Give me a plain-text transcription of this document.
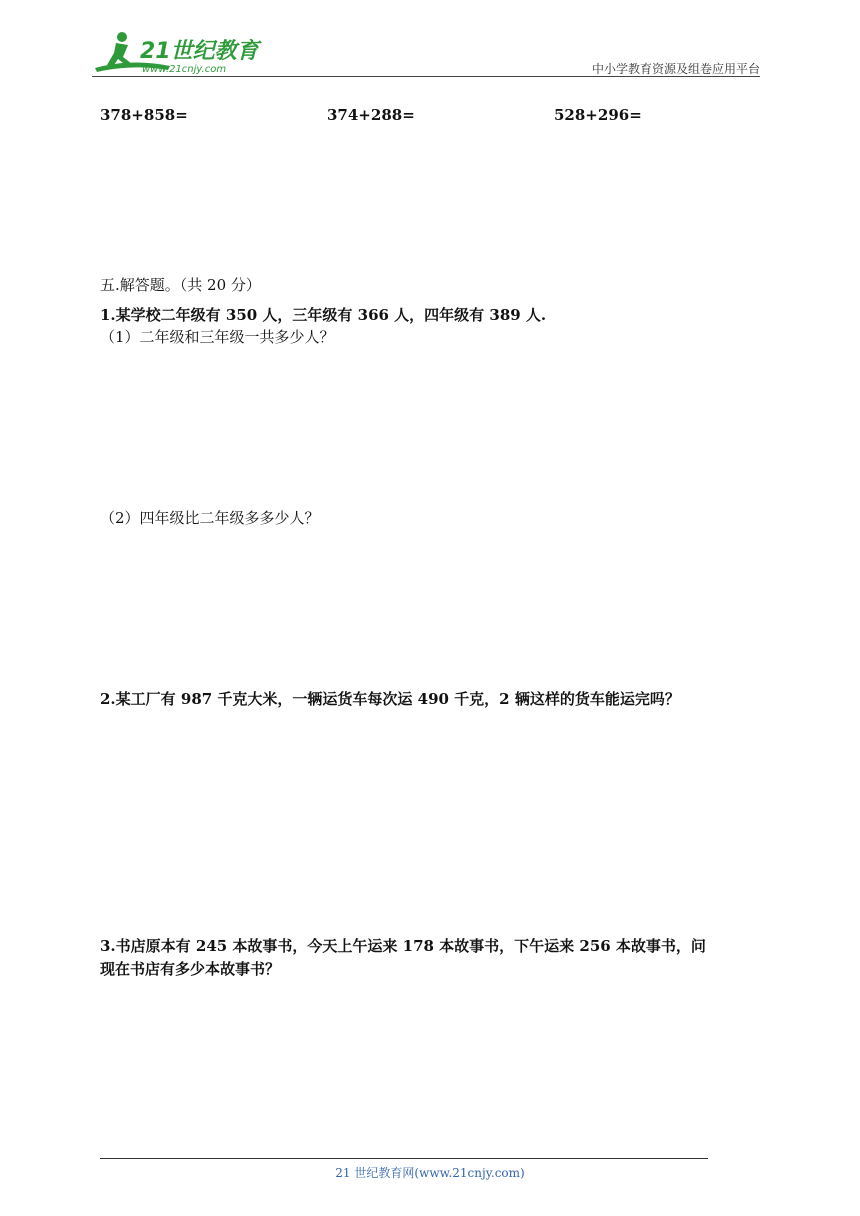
21世纪教育
www.21cnjy.com	中小学教育资源及组卷应用平台
378+858=	374+288=	528+296=
五.解答题。（共 20 分）
1.某学校二年级有 350 人，三年级有 366 人，四年级有 389 人.
（1）二年级和三年级一共多少人？
（2）四年级比二年级多多少人？
2.某工厂有 987 千克大米，一辆运货车每次运 490 千克，2 辆这样的货车能运完吗？
3.书店原本有 245 本故事书，今天上午运来 178 本故事书，下午运来 256 本故事书，问
现在书店有多少本故事书？
21 世纪教育网(www.21cnjy.com)
